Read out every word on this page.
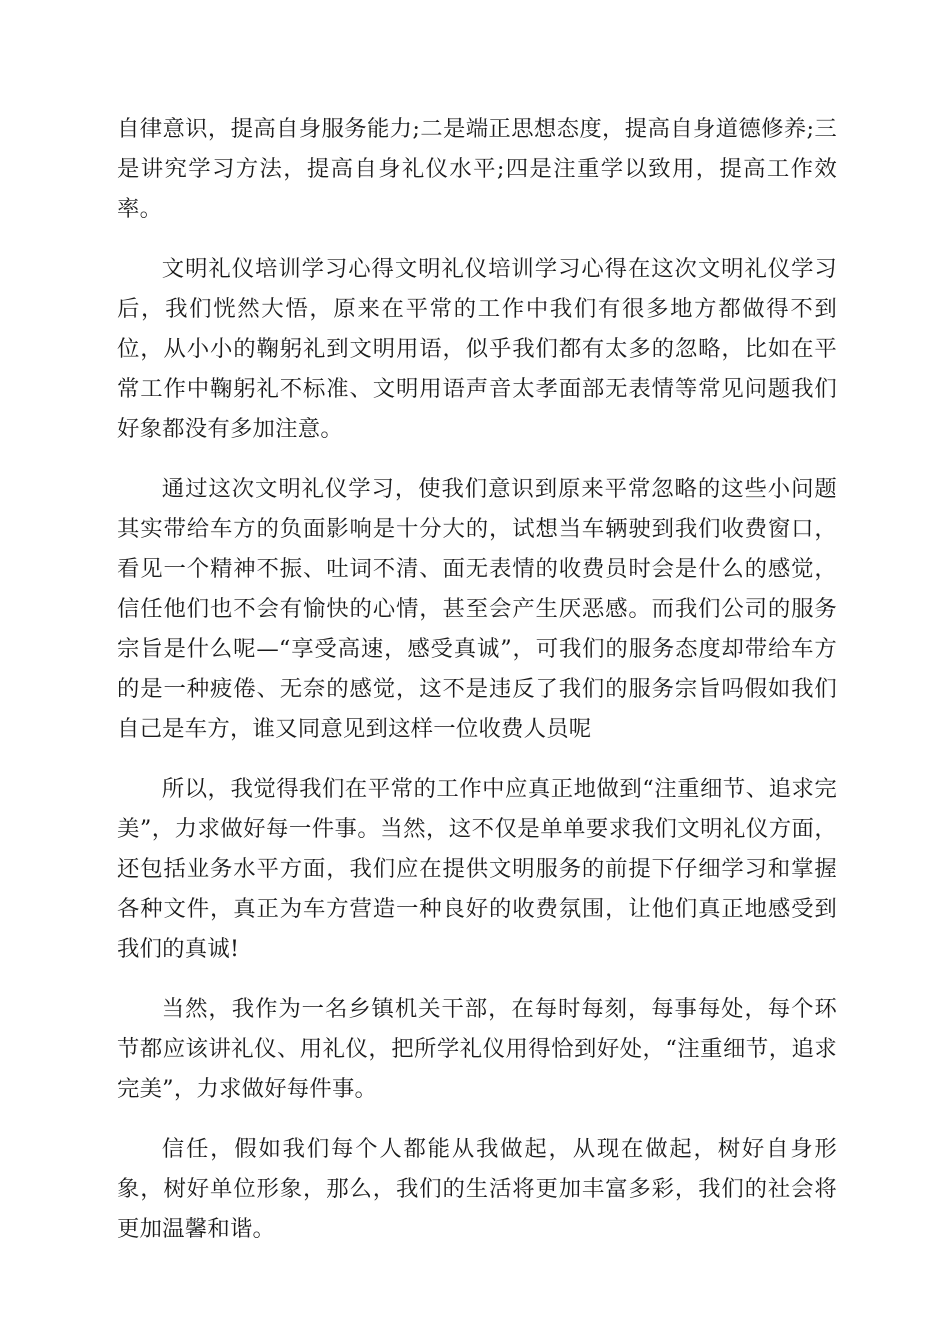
自律意识，提高自身服务能力;二是端正思想态度，提高自身道德修养;三是讲究学习方法，提高自身礼仪水平;四是注重学以致用，提高工作效率。

文明礼仪培训学习心得文明礼仪培训学习心得在这次文明礼仪学习后，我们恍然大悟，原来在平常的工作中我们有很多地方都做得不到位，从小小的鞠躬礼到文明用语，似乎我们都有太多的忽略，比如在平常工作中鞠躬礼不标准、文明用语声音太孝面部无表情等常见问题我们好象都没有多加注意。

通过这次文明礼仪学习，使我们意识到原来平常忽略的这些小问题其实带给车方的负面影响是十分大的，试想当车辆驶到我们收费窗口，看见一个精神不振、吐词不清、面无表情的收费员时会是什么的感觉，信任他们也不会有愉快的心情，甚至会产生厌恶感。而我们公司的服务宗旨是什么呢—“享受高速，感受真诚”，可我们的服务态度却带给车方的是一种疲倦、无奈的感觉，这不是违反了我们的服务宗旨吗假如我们自己是车方，谁又同意见到这样一位收费人员呢

所以，我觉得我们在平常的工作中应真正地做到“注重细节、追求完美”，力求做好每一件事。当然，这不仅是单单要求我们文明礼仪方面，还包括业务水平方面，我们应在提供文明服务的前提下仔细学习和掌握各种文件，真正为车方营造一种良好的收费氛围，让他们真正地感受到我们的真诚!

当然，我作为一名乡镇机关干部，在每时每刻，每事每处，每个环节都应该讲礼仪、用礼仪，把所学礼仪用得恰到好处，“注重细节，追求完美”，力求做好每件事。

信任，假如我们每个人都能从我做起，从现在做起，树好自身形象，树好单位形象，那么，我们的生活将更加丰富多彩，我们的社会将更加温馨和谐。
